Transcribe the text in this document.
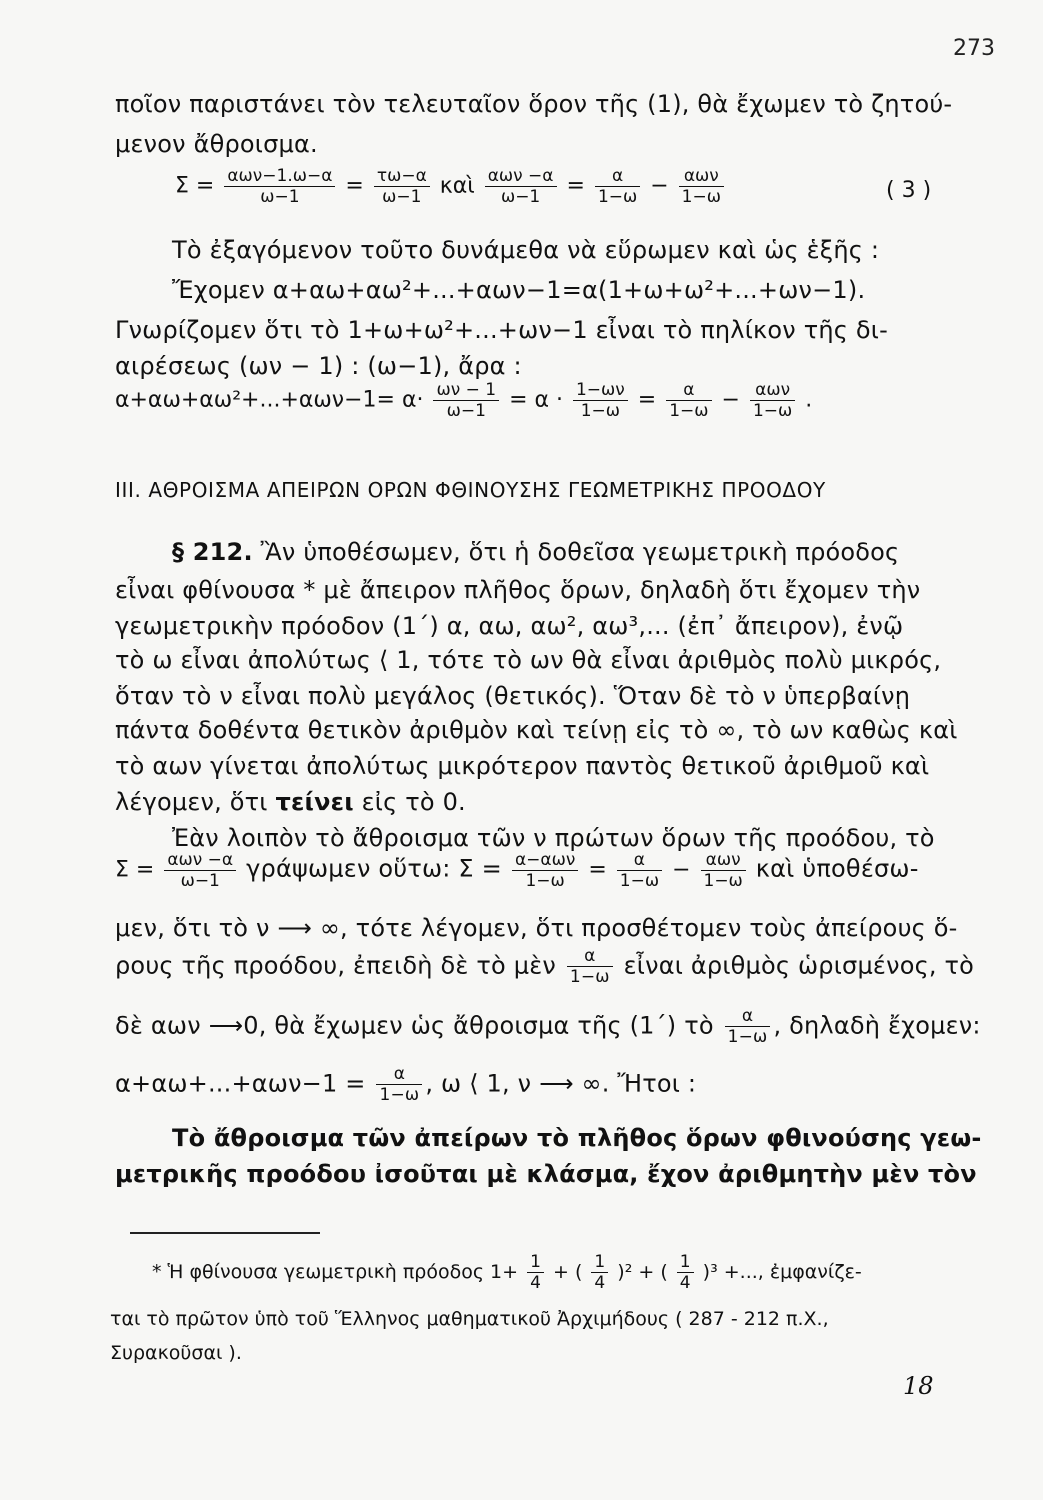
273
ποῖον παριστάνει τὸν τελευταῖον ὅρον τῆς (1), θὰ ἔχωμεν τὸ ζητού-
μενον ἄθροισμα.
$\Sigma = \frac{\text{αων−1.ω−α}}{\omega-1} = \frac{\tau\omega-\alpha}{\omega-1}$ καὶ $\frac{\text{αων −α}}{\omega-1} = \frac{\alpha}{1-\omega} - \frac{\text{αων}}{1-\omega}$	( 3 )
Τὸ ἐξαγόμενον τοῦτο δυνάμεθα νὰ εὕρωμεν καὶ ὡς ἑξῆς :
Ἔχομεν α+αω+αω²+...+αων−1=α(1+ω+ω²+...+ων−1).
Γνωρίζομεν ὅτι τὸ 1+ω+ω²+...+ων−1 εἶναι τὸ πηλίκον τῆς δι-
αιρέσεως (ων − 1) : (ω−1), ἄρα :
$\alpha+\alpha\omega+\alpha\omega^2+...+\alpha\omega\nu-1= \alpha\cdot \frac{\omega\nu - 1}{\omega-1} = \alpha \cdot \frac{1-\omega\nu}{1-\omega} = \frac{\alpha}{1-\omega} - \frac{\text{αων}}{1-\omega}$ .
ΙΙΙ. ΑΘΡΟΙΣΜΑ ΑΠΕΙΡΩΝ ΟΡΩΝ ΦΘΙΝΟΥΣΗΣ ΓΕΩΜΕΤΡΙΚΗΣ ΠΡΟΟΔΟΥ
§ 212. Ἂν ὑποθέσωμεν, ὅτι ἡ δοθεῖσα γεωμετρικὴ πρόοδος
εἶναι φθίνουσα * μὲ ἄπειρον πλῆθος ὅρων, δηλαδὴ ὅτι ἔχομεν τὴν
γεωμετρικὴν πρόοδον (1΄) α, αω, αω², αω³,... (ἐπ᾽ ἄπειρον), ἐνῷ
τὸ ω εἶναι ἀπολύτως ⟨ 1, τότε τὸ ων θὰ εἶναι ἀριθμὸς πολὺ μικρός,
ὅταν τὸ ν εἶναι πολὺ μεγάλος (θετικός). Ὅταν δὲ τὸ ν ὑπερβαίνῃ
πάντα δοθέντα θετικὸν ἀριθμὸν καὶ τείνῃ εἰς τὸ ∞, τὸ ων καθὼς καὶ
τὸ αων γίνεται ἀπολύτως μικρότερον παντὸς θετικοῦ ἀριθμοῦ καὶ
λέγομεν, ὅτι τείνει εἰς τὸ 0.
Ἐὰν λοιπὸν τὸ ἄθροισμα τῶν ν πρώτων ὅρων τῆς προόδου, τὸ
$\Sigma = \frac{\text{αων −α}}{\omega-1}$ γράψωμεν οὕτω: $\Sigma = \frac{\text{α−αων}}{1-\omega} = \frac{\alpha}{1-\omega} - \frac{\text{αων}}{1-\omega}$ καὶ ὑποθέσω-
μεν, ὅτι τὸ ν ⟶ ∞, τότε λέγομεν, ὅτι προσθέτομεν τοὺς ἀπείρους ὅ-
ρους τῆς προόδου, ἐπειδὴ δὲ τὸ μὲν $\frac{\alpha}{1-\omega}$ εἶναι ἀριθμὸς ὡρισμένος, τὸ
δὲ αων ⟶0, θὰ ἔχωμεν ὡς ἄθροισμα τῆς (1΄) τὸ $\frac{\alpha}{1-\omega}$ , δηλαδὴ ἔχομεν:
$\alpha+\alpha\omega+...+\alpha\omega\nu-1 = \frac{\alpha}{1-\omega}$ , ω ⟨ 1, ν ⟶ ∞. Ἤτοι :
Τὸ ἄθροισμα τῶν ἀπείρων τὸ πλῆθος ὅρων φθινούσης γεω-
μετρικῆς προόδου ἰσοῦται μὲ κλάσμα, ἔχον ἀριθμητὴν μὲν τὸν
* Ἡ φθίνουσα γεωμετρικὴ πρόοδος $1+ \frac{1}{4}$ + ( $\frac{1}{4} )^2$ + ( $\frac{1}{4} )^3$ +..., ἐμφανίζε-
ται τὸ πρῶτον ὑπὸ τοῦ Ἕλληνος μαθηματικοῦ Ἀρχιμήδους ( 287 - 212 π.Χ.,
Συρακοῦσαι ).
18
